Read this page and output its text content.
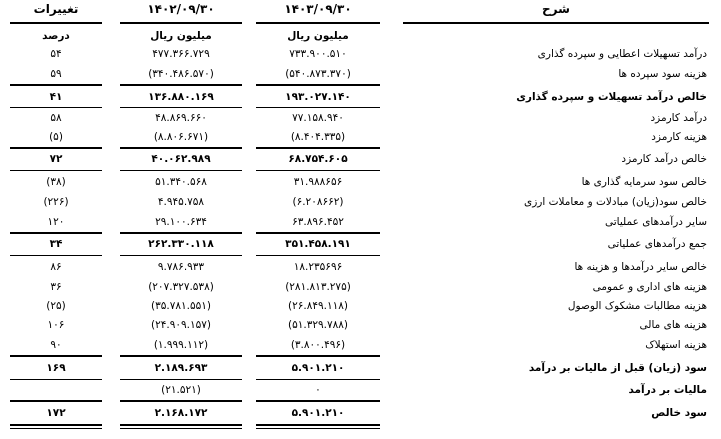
شرح
۱۴۰۳/۰۹/۳۰
۱۴۰۲/۰۹/۳۰
تغییرات
میلیون ریال
میلیون ریال
درصد
درآمد تسهیلات اعطایی و سپرده گذاری
۷۳۳.۹۰۰.۵۱۰
۴۷۷.۳۶۶.۷۲۹
۵۴
هزینه سود سپرده ها
(۵۴۰.۸۷۳.۳۷۰)
(۳۴۰.۴۸۶.۵۷۰)
۵۹
خالص درآمد تسهیلات و سپرده گذاری
۱۹۳.۰۲۷.۱۴۰
۱۳۶.۸۸۰.۱۶۹
۴۱
درآمد کارمزد
۷۷.۱۵۸.۹۴۰
۴۸.۸۶۹.۶۶۰
۵۸
هزینه کارمزد
(۸.۴۰۴.۳۳۵)
(۸.۸۰۶.۶۷۱)
(۵)
خالص درآمد کارمزد
۶۸.۷۵۴.۶۰۵
۴۰.۰۶۲.۹۸۹
۷۲
خالص سود سرمایه گذاری ها
۳۱.۹۸۸۶۵۶
۵۱.۳۴۰.۵۶۸
(۳۸)
خالص سود(زیان) مبادلات و معاملات ارزی
(۶.۲۰۸۶۶۲)
۴.۹۴۵.۷۵۸
(۲۲۶)
سایر درآمدهای عملیاتی
۶۳.۸۹۶.۴۵۲
۲۹.۱۰۰.۶۳۴
۱۲۰
جمع درآمدهای عملیاتی
۳۵۱.۴۵۸.۱۹۱
۲۶۲.۳۳۰.۱۱۸
۳۴
خالص سایر درآمدها و هزینه ها
۱۸.۲۳۵۶۹۶
۹.۷۸۶.۹۳۳
۸۶
هزینه های اداری و عمومی
(۲۸۱.۸۱۳.۲۷۵)
(۲۰۷.۳۲۷.۵۳۸)
۳۶
هزینه مطالبات مشکوک الوصول
(۲۶.۸۴۹.۱۱۸)
(۳۵.۷۸۱.۵۵۱)
(۲۵)
هزینه های مالی
(۵۱.۳۲۹.۷۸۸)
(۲۴.۹۰۹.۱۵۷)
۱۰۶
هزینه استهلاک
(۳.۸۰۰.۴۹۶)
(۱.۹۹۹.۱۱۲)
۹۰
سود (زیان) قبل از مالیات بر درآمد
۵.۹۰۱.۲۱۰
۲.۱۸۹.۶۹۳
۱۶۹
مالیات بر درآمد
۰
(۲۱.۵۲۱)
سود خالص
۵.۹۰۱.۲۱۰
۲.۱۶۸.۱۷۲
۱۷۲
